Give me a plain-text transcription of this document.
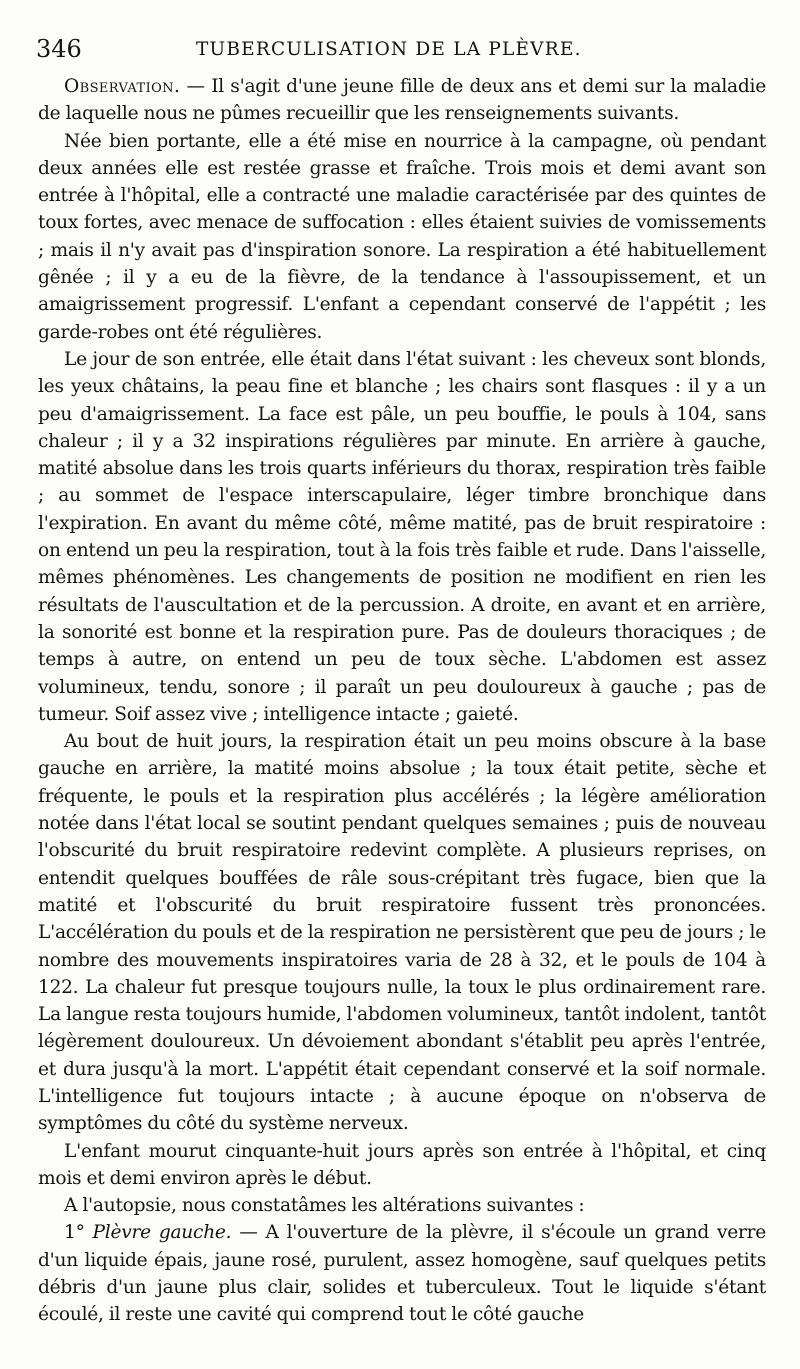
346	TUBERCULISATION DE LA PLÈVRE.

Observation. — Il s'agit d'une jeune fille de deux ans et demi sur la maladie de laquelle nous ne pûmes recueillir que les renseignements suivants.

Née bien portante, elle a été mise en nourrice à la campagne, où pendant deux années elle est restée grasse et fraîche. Trois mois et demi avant son entrée à l'hôpital, elle a contracté une maladie caractérisée par des quintes de toux fortes, avec menace de suffocation : elles étaient suivies de vomissements ; mais il n'y avait pas d'inspiration sonore. La respiration a été habituellement gênée ; il y a eu de la fièvre, de la tendance à l'assoupissement, et un amaigrissement progressif. L'enfant a cependant conservé de l'appétit ; les garde-robes ont été régulières.

Le jour de son entrée, elle était dans l'état suivant : les cheveux sont blonds, les yeux châtains, la peau fine et blanche ; les chairs sont flasques : il y a un peu d'amaigrissement. La face est pâle, un peu bouffie, le pouls à 104, sans chaleur ; il y a 32 inspirations régulières par minute. En arrière à gauche, matité absolue dans les trois quarts inférieurs du thorax, respiration très faible ; au sommet de l'espace interscapulaire, léger timbre bronchique dans l'expiration. En avant du même côté, même matité, pas de bruit respiratoire : on entend un peu la respiration, tout à la fois très faible et rude. Dans l'aisselle, mêmes phénomènes. Les changements de position ne modifient en rien les résultats de l'auscultation et de la percussion. A droite, en avant et en arrière, la sonorité est bonne et la respiration pure. Pas de douleurs thoraciques ; de temps à autre, on entend un peu de toux sèche. L'abdomen est assez volumineux, tendu, sonore ; il paraît un peu douloureux à gauche ; pas de tumeur. Soif assez vive ; intelligence intacte ; gaieté.

Au bout de huit jours, la respiration était un peu moins obscure à la base gauche en arrière, la matité moins absolue ; la toux était petite, sèche et fréquente, le pouls et la respiration plus accélérés ; la légère amélioration notée dans l'état local se soutint pendant quelques semaines ; puis de nouveau l'obscurité du bruit respiratoire redevint complète. A plusieurs reprises, on entendit quelques bouffées de râle sous-crépitant très fugace, bien que la matité et l'obscurité du bruit respiratoire fussent très prononcées. L'accélération du pouls et de la respiration ne persistèrent que peu de jours ; le nombre des mouvements inspiratoires varia de 28 à 32, et le pouls de 104 à 122. La chaleur fut presque toujours nulle, la toux le plus ordinairement rare. La langue resta toujours humide, l'abdomen volumineux, tantôt indolent, tantôt légèrement douloureux. Un dévoiement abondant s'établit peu après l'entrée, et dura jusqu'à la mort. L'appétit était cependant conservé et la soif normale. L'intelligence fut toujours intacte ; à aucune époque on n'observa de symptômes du côté du système nerveux.

L'enfant mourut cinquante-huit jours après son entrée à l'hôpital, et cinq mois et demi environ après le début.

A l'autopsie, nous constatâmes les altérations suivantes :

1° Plèvre gauche. — A l'ouverture de la plèvre, il s'écoule un grand verre d'un liquide épais, jaune rosé, purulent, assez homogène, sauf quelques petits débris d'un jaune plus clair, solides et tuberculeux. Tout le liquide s'étant écoulé, il reste une cavité qui comprend tout le côté gauche
